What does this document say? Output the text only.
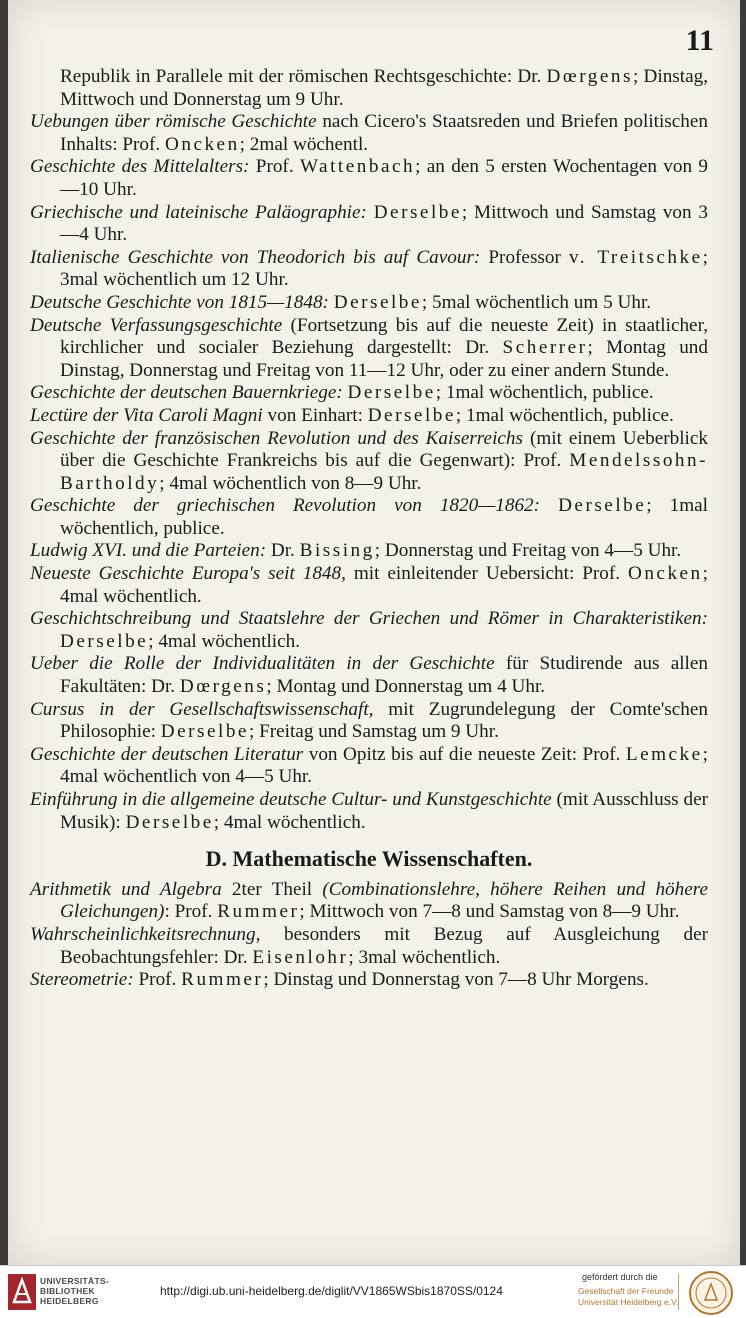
11

Republik in Parallele mit der römischen Rechtsgeschichte: Dr. Dœrgens; Dinstag, Mittwoch und Donnerstag um 9 Uhr.

Uebungen über römische Geschichte nach Cicero's Staatsreden und Briefen politischen Inhalts: Prof. Oncken; 2mal wöchentl.

Geschichte des Mittelalters: Prof. Wattenbach; an den 5 ersten Wochentagen von 9—10 Uhr.

Griechische und lateinische Paläographie: Derselbe; Mittwoch und Samstag von 3—4 Uhr.

Italienische Geschichte von Theodorich bis auf Cavour: Professor v. Treitschke; 3mal wöchentlich um 12 Uhr.

Deutsche Geschichte von 1815—1848: Derselbe; 5mal wöchentlich um 5 Uhr.

Deutsche Verfassungsgeschichte (Fortsetzung bis auf die neueste Zeit) in staatlicher, kirchlicher und socialer Beziehung dargestellt: Dr. Scherrer; Montag und Dinstag, Donnerstag und Freitag von 11—12 Uhr, oder zu einer andern Stunde.

Geschichte der deutschen Bauernkriege: Derselbe; 1mal wöchentlich, publice.

Lectüre der Vita Caroli Magni von Einhart: Derselbe; 1mal wöchentlich, publice.

Geschichte der französischen Revolution und des Kaiserreichs (mit einem Ueberblick über die Geschichte Frankreichs bis auf die Gegenwart): Prof. Mendelssohn-Bartholdy; 4mal wöchentlich von 8—9 Uhr.

Geschichte der griechischen Revolution von 1820—1862: Derselbe; 1mal wöchentlich, publice.

Ludwig XVI. und die Parteien: Dr. Bissing; Donnerstag und Freitag von 4—5 Uhr.

Neueste Geschichte Europa's seit 1848, mit einleitender Uebersicht: Prof. Oncken; 4mal wöchentlich.

Geschichtschreibung und Staatslehre der Griechen und Römer in Charakteristiken: Derselbe; 4mal wöchentlich.

Ueber die Rolle der Individualitäten in der Geschichte für Studirende aus allen Fakultäten: Dr. Dœrgens; Montag und Donnerstag um 4 Uhr.

Cursus in der Gesellschaftswissenschaft, mit Zugrundelegung der Comte'schen Philosophie: Derselbe; Freitag und Samstag um 9 Uhr.

Geschichte der deutschen Literatur von Opitz bis auf die neueste Zeit: Prof. Lemcke; 4mal wöchentlich von 4—5 Uhr.

Einführung in die allgemeine deutsche Cultur- und Kunstgeschichte (mit Ausschluss der Musik): Derselbe; 4mal wöchentlich.

D. Mathematische Wissenschaften.

Arithmetik und Algebra 2ter Theil (Combinationslehre, höhere Reihen und höhere Gleichungen): Prof. Rummer; Mittwoch von 7—8 und Samstag von 8—9 Uhr.

Wahrscheinlichkeitsrechnung, besonders mit Bezug auf Ausgleichung der Beobachtungsfehler: Dr. Eisenlohr; 3mal wöchentlich.

Stereometrie: Prof. Rummer; Dinstag und Donnerstag von 7—8 Uhr Morgens.

UNIVERSITÄTS-
BIBLIOTHEK
HEIDELBERG
http://digi.ub.uni-heidelberg.de/diglit/VV1865WSbis1870SS/0124
gefördert durch die
Gesellschaft der Freunde
Universität Heidelberg e.V.
